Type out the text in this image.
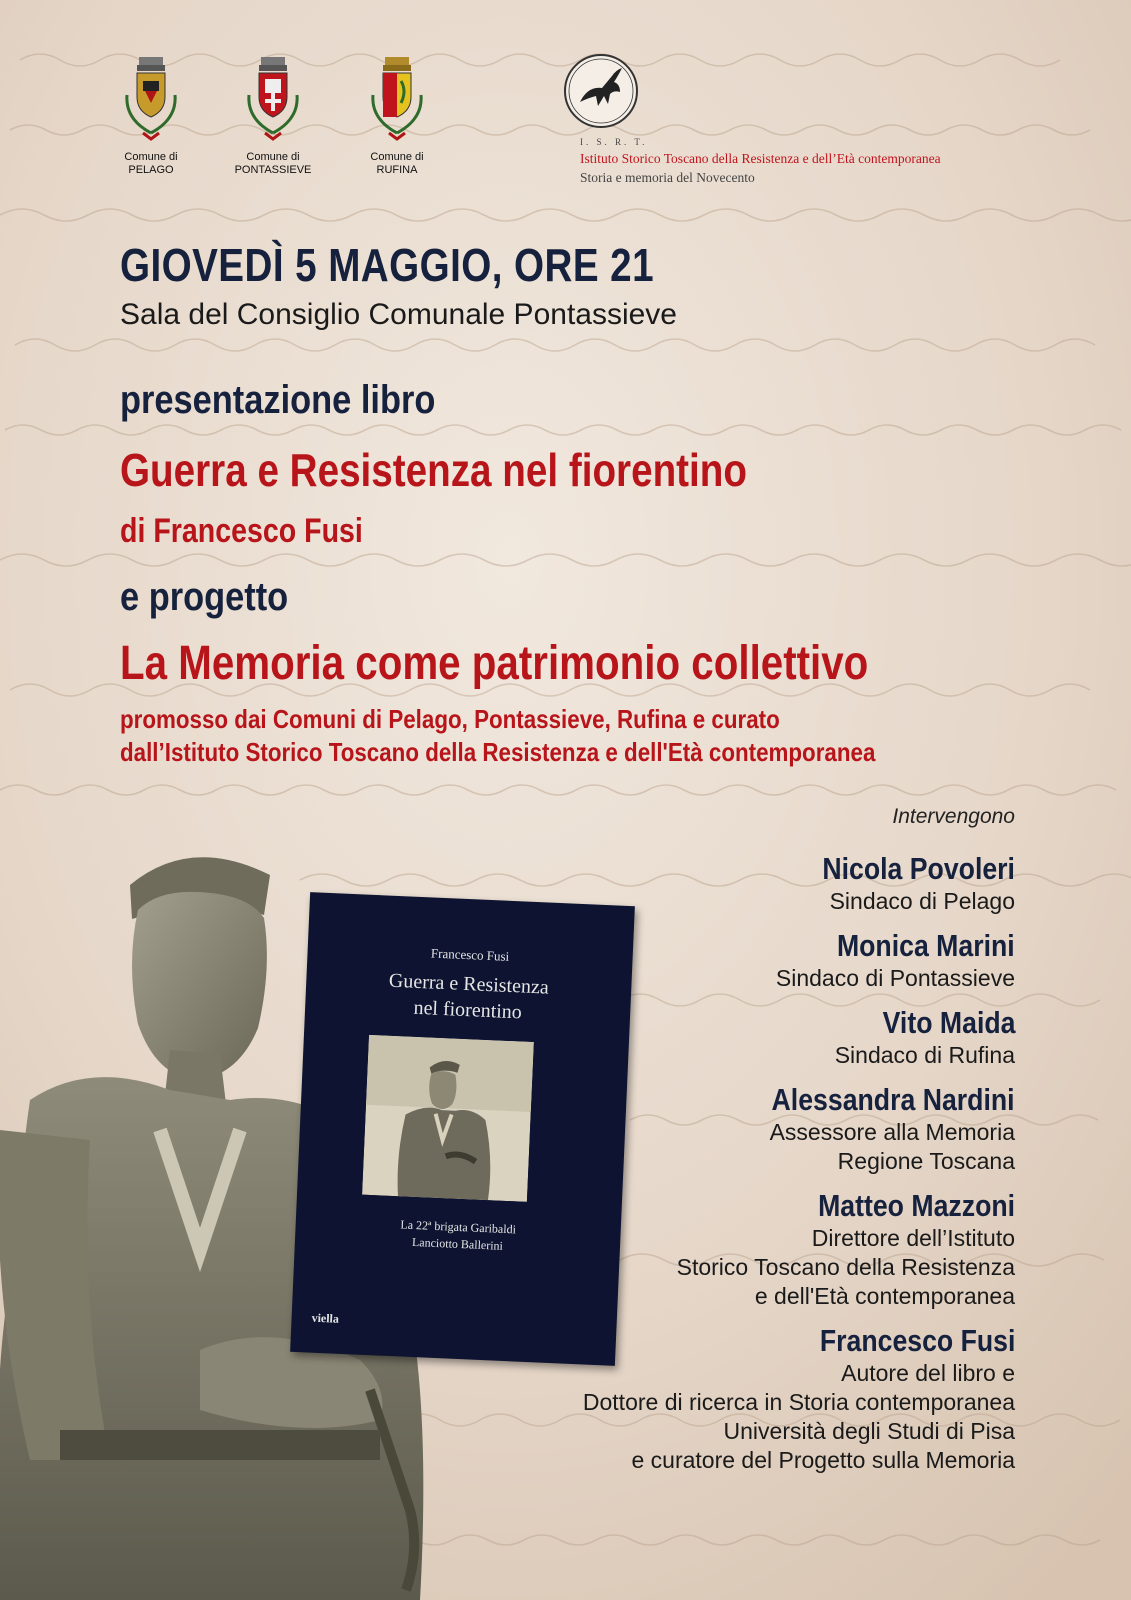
Comune di
PELAGO
Comune di
PONTASSIEVE
Comune di
RUFINA
I. S. R. T.
Istituto Storico Toscano della Resistenza e dell’Età contemporanea
Storia e memoria del Novecento
GIOVEDÌ 5 MAGGIO, ORE 21
Sala del Consiglio Comunale Pontassieve
presentazione libro
Guerra e Resistenza nel fiorentino
di Francesco Fusi
e progetto
La Memoria come patrimonio collettivo
promosso dai Comuni di Pelago, Pontassieve, Rufina e curato
dall’Istituto Storico Toscano della Resistenza e dell'Età contemporanea
Francesco Fusi
Guerra e Resistenza
nel fiorentino
La 22ª brigata Garibaldi
Lanciotto Ballerini
viella
Intervengono
Nicola Povoleri
Sindaco di Pelago
Monica Marini
Sindaco di Pontassieve
Vito Maida
Sindaco di Rufina
Alessandra Nardini
Assessore alla Memoria
Regione Toscana
Matteo Mazzoni
Direttore dell’Istituto
Storico Toscano della Resistenza
e dell'Età contemporanea
Francesco Fusi
Autore del libro e
Dottore di ricerca in Storia contemporanea
Università degli Studi di Pisa
e curatore del Progetto sulla Memoria
